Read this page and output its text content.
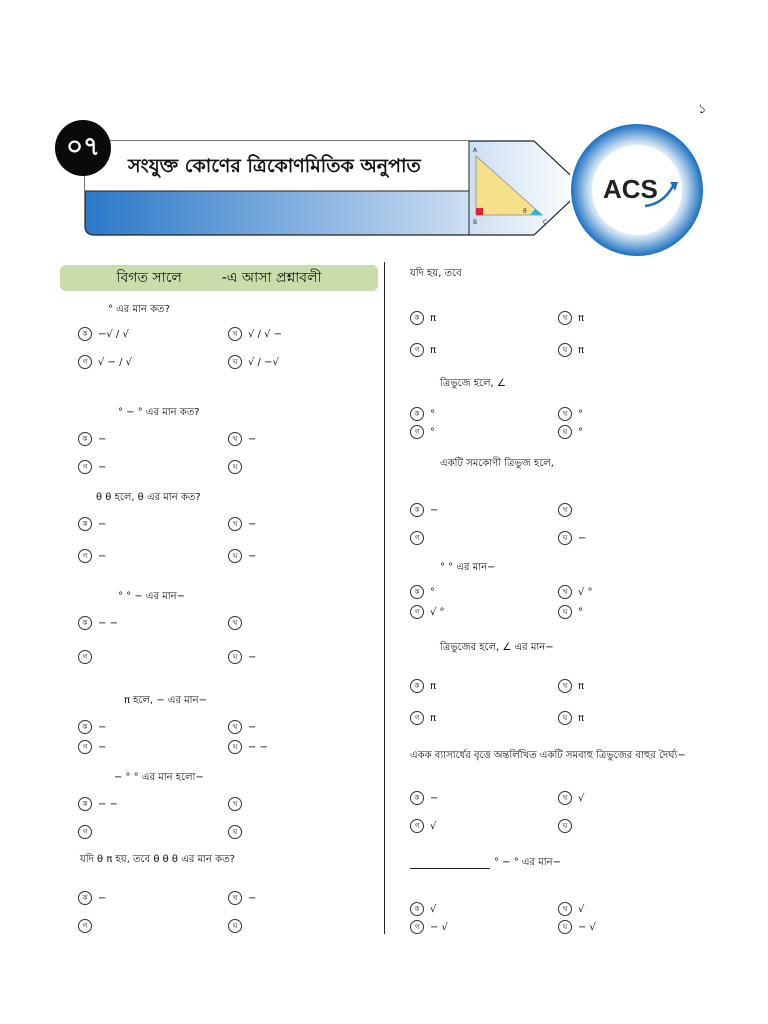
১
A
B	C
θ
০৭
সংযুক্ত কোণের ত্রিকোণমিতিক অনুপাত
ACS
বিগত সালে	-এ আসা প্রশ্নাবলী
° এর মান কত?
ক	−√ / √	খ	√ / √ −
গ	√ − / √	ঘ	√ / −√
° − ° এর মান কত?
ক	−	খ	−
গ	−	ঘ
θ θ হলে, θ এর মান কত?
ক	−	খ	−
গ	−	ঘ	−
° ° − এর মান−
ক	− −	খ
গ	ঘ	−
π হলে, − এর মান−
ক	−	খ	−
গ	−	ঘ	− −
− ° ° এর মান হলো−
ক	− −	খ
গ	ঘ
যদি θ π হয়, তবে θ θ θ এর মান কত?
ক	−	খ	−
গ	ঘ
যদি হয়, তবে
ক	π	খ	π
গ	π	ঘ	π
ত্রিভুজে হলে, ∠
ক	°	খ	°
গ	°	ঘ	°
একটি সমকোণী ত্রিভুজ হলে,
ক	−	খ
গ	ঘ	−
° ° এর মান−
ক	°	খ	√ °
গ	√ °	ঘ	°
ত্রিভুজের হলে, ∠ এর মান−
ক	π	খ	π
গ	π	ঘ	π
একক ব্যাসার্ধের বৃত্তে অন্তর্লিখিত একটি সমবাহু ত্রিভুজের বাহুর দৈর্ঘ্য−
ক	−	খ	√
গ	√	ঘ
° − ° এর মান−
ক	√	খ	√
গ	− √	ঘ	− √
